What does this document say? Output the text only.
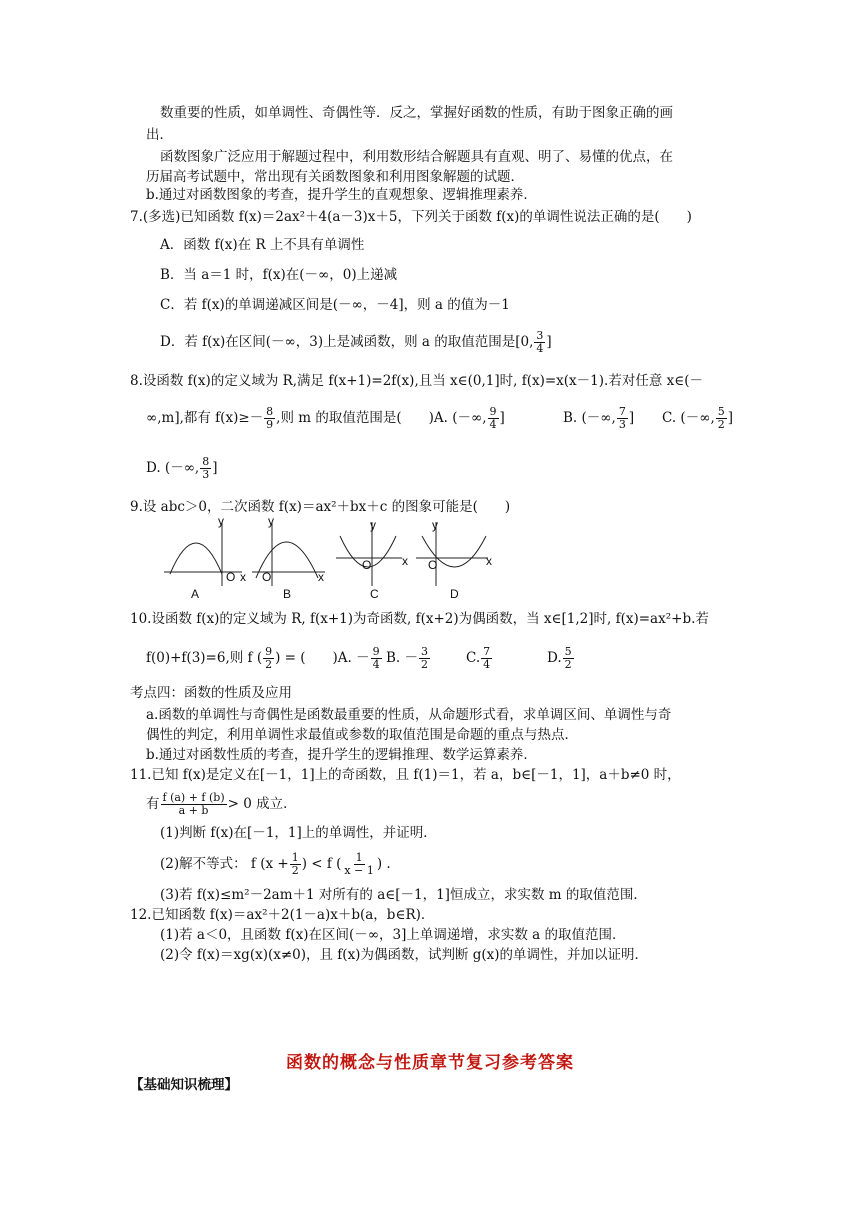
数重要的性质，如单调性、奇偶性等．反之，掌握好函数的性质，有助于图象正确的画
出．
函数图象广泛应用于解题过程中，利用数形结合解题具有直观、明了、易懂的优点，在
历届高考试题中，常出现有关函数图象和利用图象解题的试题．
b.通过对函数图象的考查，提升学生的直观想象、逻辑推理素养．
7.(多选)已知函数 f(x)＝2ax²＋4(a－3)x＋5，下列关于函数 f(x)的单调性说法正确的是(　　)
A．函数 f(x)在 R 上不具有单调性
B．当 a＝1 时，f(x)在(－∞，0)上递减
C．若 f(x)的单调递减区间是(－∞，－4]，则 a 的值为－1
D．若 f(x)在区间(－∞，3)上是减函数，则 a 的取值范围是[0, $\frac{3}{4}$ ]
8.设函数 f(x)的定义域为 R,满足 f(x+1)=2f(x),且当 x∈(0,1]时, f(x)=x(x－1).若对任意 x∈(－
∞,m],都有 $f(x)\ge- \frac{8}{9}$ ,则 m 的取值范围是(　　)A. (－∞, $\frac{9}{4}$ ]	B. (－∞, $\frac{7}{3}$ ] C. (－∞, $\frac{5}{2}$ ]
D. (－∞, $\frac{8}{3}$ ]
9.设 abc＞0，二次函数 f(x)＝ax²＋bx＋c 的图象可能是(　　)
y
O x
A
y
O	x
B
y
O	x
C
y
O	x
D
10.设函数 f(x)的定义域为 R, f(x+1)为奇函数, f(x+2)为偶函数，当 x∈[1,2]时, f(x)=ax²+b.若
f(0)+f(3)=6,则 f ( $\frac{9}{2}$ ) = (　　)A. － $\frac{9}{4} B$. － $\frac{3}{2}$	C. $\frac{7}{4}$	D. $\frac{5}{2}$
考点四：函数的性质及应用
a.函数的单调性与奇偶性是函数最重要的性质，从命题形式看，求单调区间、单调性与奇
偶性的判定，利用单调性求最值或参数的取值范围是命题的重点与热点．
b.通过对函数性质的考查，提升学生的逻辑推理、数学运算素养．
11.已知 f(x)是定义在[－1，1]上的奇函数，且 f(1)＝1，若 a，b∈[－1，1]，a＋b≠0 时，
有 $\frac{f (a) + f (b)}{a + b} > 0$ 成立．
(1)判断 f(x)在[－1，1]上的单调性，并证明．
(2)解不等式： f ($x + \frac{1}{2}$ ) < f ( $\frac{1}{x - 1}$ ) .
(3)若 f(x)≤m²－2am＋1 对所有的 a∈[－1，1]恒成立，求实数 m 的取值范围．
12.已知函数 f(x)＝ax²＋2(1－a)x＋b(a，b∈R)．
(1)若 a＜0，且函数 f(x)在区间(－∞，3]上单调递增，求实数 a 的取值范围．
(2)令 f(x)＝xg(x)(x≠0)，且 f(x)为偶函数，试判断 g(x)的单调性，并加以证明．
函数的概念与性质章节复习参考答案
【基础知识梳理】
